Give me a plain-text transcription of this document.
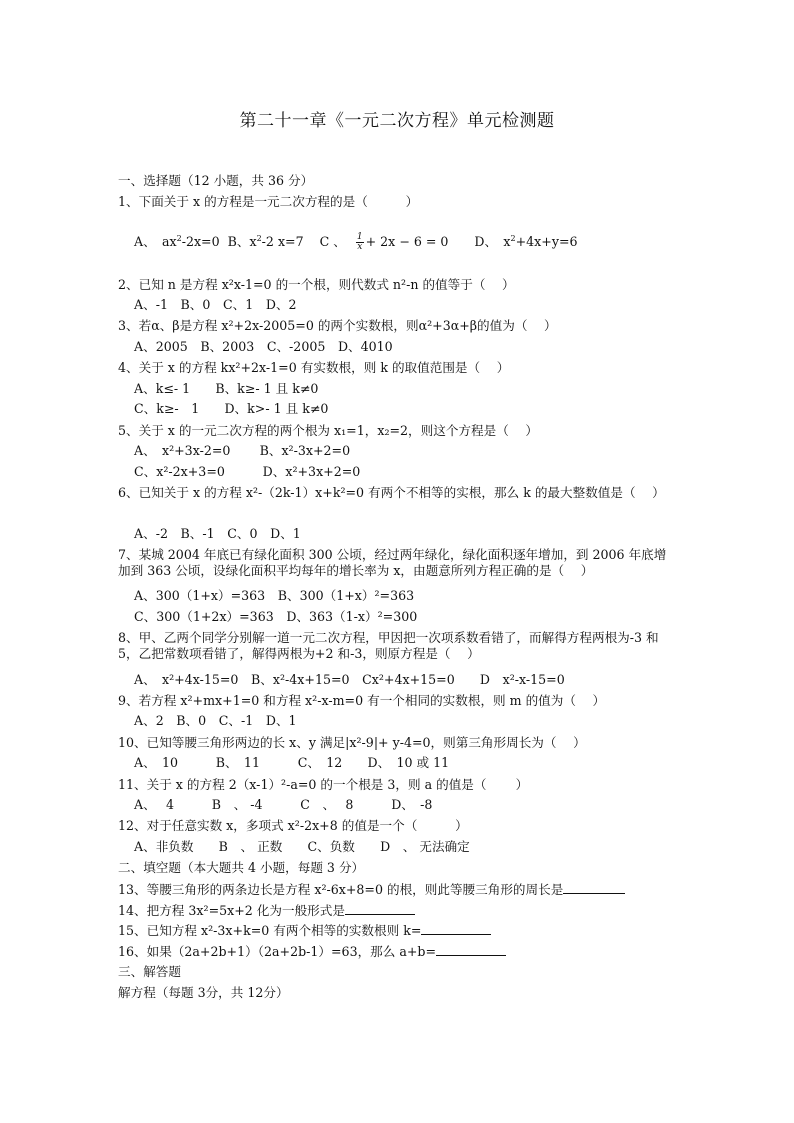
第二十一章《一元二次方程》单元检测题
一、选择题（12 小题，共 36 分）
1、下面关于 x 的方程是一元二次方程的是（　　　）
A、　$ax^2-2x=0$ B、$x^2-2$ x=7 C 、 $\frac{1}{x} + 2x - 6 = 0$ D、　$x^2+4x+y=6$
2、已知 n 是方程 x²x-1=0 的一个根，则代数式 n²-n 的值等于（　 ）
A、-1　B、0　C、1　D、2
3、若α、β是方程 x²+2x-2005=0 的两个实数根，则α²+3α+β的值为（　 ）
A、2005　B、2003　C、-2005　D、4010
4、关于 x 的方程 kx²+2x-1=0 有实数根，则 k 的取值范围是（　 ）
A、k≤- 1　　B、k≥- 1 且 k≠0
C、k≥-　1　　D、k>- 1 且 k≠0
5、关于 x 的一元二次方程的两个根为 x₁=1，x₂=2，则这个方程是（　 ）
A、　x²+3x-2=0　　 B、x²-3x+2=0
C、x²-2x+3=0　　　D、x²+3x+2=0
6、已知关于 x 的方程 x²-（2k-1）x+k²=0 有两个不相等的实根，那么 k 的最大整数值是（　 ）
A、-2　B、-1　C、0　D、1
7、某城 2004 年底已有绿化面积 300 公顷，经过两年绿化，绿化面积逐年增加，到 2006 年底增加到 363 公顷，设绿化面积平均每年的增长率为 x，由题意所列方程正确的是（　 ）
A、300（1+x）=363　B、300（1+x）²=363
C、300（1+2x）=363　D、363（1-x）²=300
8、甲、乙两个同学分别解一道一元二次方程，甲因把一次项系数看错了，而解得方程两根为-3 和 5，乙把常数项看错了，解得两根为+2 和-3，则原方程是（　 ）
A、　x²+4x-15=0　B、x²-4x+15=0　Cx²+4x+15=0　　D　x²-x-15=0
9、若方程 x²+mx+1=0 和方程 x²-x-m=0 有一个相同的实数根，则 m 的值为（　 ）
A、2　B、0　C、-1　D、1
10、已知等腰三角形两边的长 x、y 满足|x²-9|+ y-4=0，则第三角形周长为（　 ）
A、　10　　　B、　11　　　C、　12　　D、　10 或 11
11、关于 x 的方程 2（x-1）²-a=0 的一个根是 3，则 a 的值是（　　 ）
A、　 4　　　B　、 -4　　　C　、　 8　　　D、　-8
12、对于任意实数 x，多项式 x²-2x+8 的值是一个（　　　）
A、非负数　　B　、 正数　　C、负数　　D　、 无法确定
二、填空题（本大题共 4 小题，每题 3 分）
13、等腰三角形的两条边长是方程 x²-6x+8=0 的根，则此等腰三角形的周长是
14、把方程 3x²=5x+2 化为一般形式是
15、已知方程 x²-3x+k=0 有两个相等的实数根则 k=
16、如果（2a+2b+1）（2a+2b-1）=63，那么 a+b=
三、解答题
解方程（每题 3分，共 12分）
